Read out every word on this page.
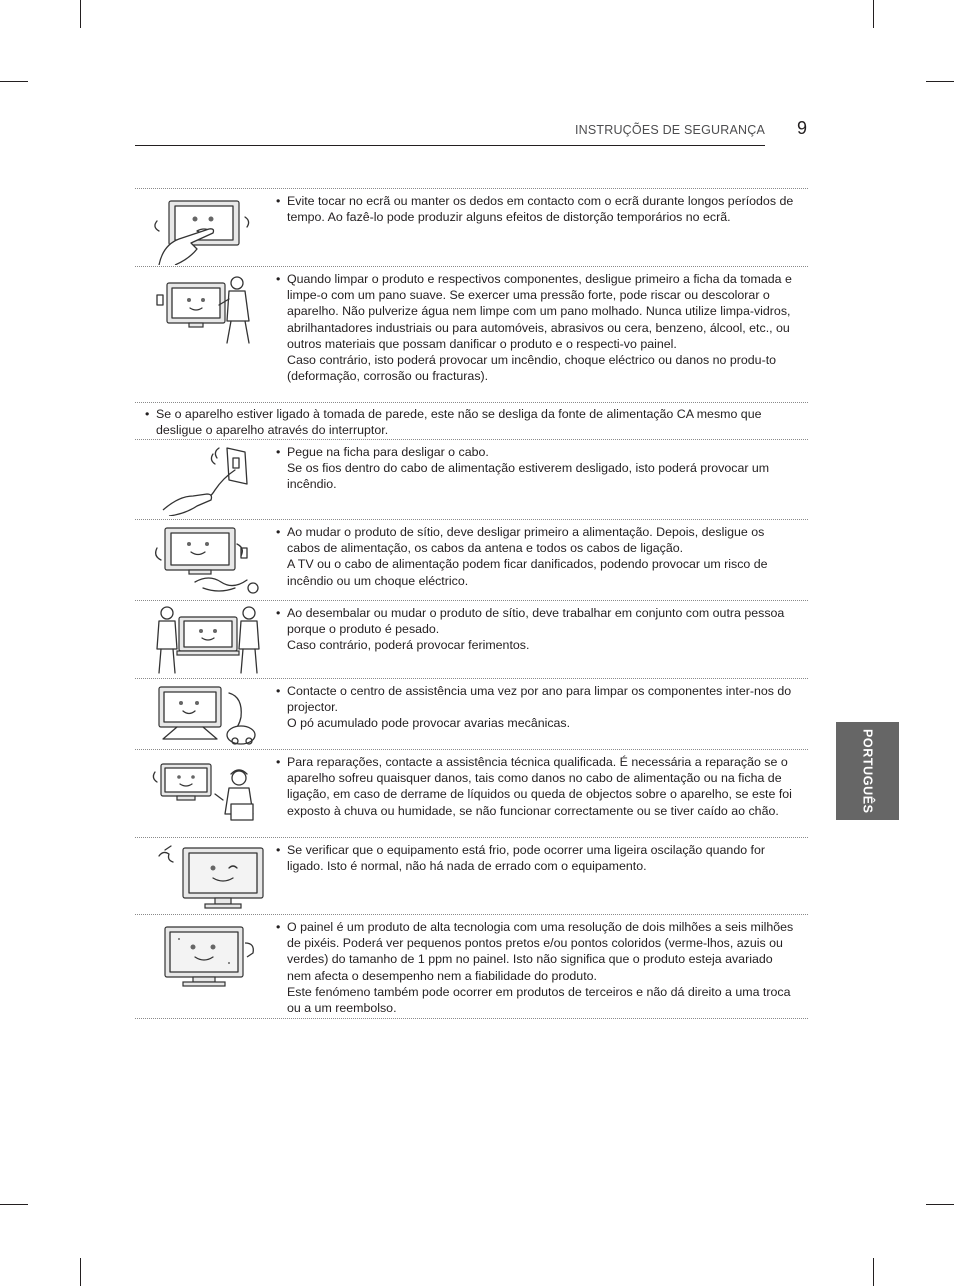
INSTRUÇÕES DE SEGURANÇA 9
PORTUGUÊS

• Evite tocar no ecrã ou manter os dedos em contacto com o ecrã durante longos períodos de tempo. Ao fazê-lo pode produzir alguns efeitos de distorção temporários no ecrã.

• Quando limpar o produto e respectivos componentes, desligue primeiro a ficha da tomada e limpe-o com um pano suave. Se exercer uma pressão forte, pode riscar ou descolorar o aparelho. Não pulverize água nem limpe com um pano molhado. Nunca utilize limpa-vidros, abrilhantadores industriais ou para automóveis, abrasivos ou cera, benzeno, álcool, etc., ou outros materiais que possam danificar o produto e o respecti-vo painel.

Caso contrário, isto poderá provocar um incêndio, choque eléctrico ou danos no produ-to (deformação, corrosão ou fracturas).

• Se o aparelho estiver ligado à tomada de parede, este não se desliga da fonte de alimentação CA mesmo que desligue o aparelho através do interruptor.

• Pegue na ficha para desligar o cabo.

Se os fios dentro do cabo de alimentação estiverem desligado, isto poderá provocar um incêndio.

• Ao mudar o produto de sítio, deve desligar primeiro a alimentação. Depois, desligue os cabos de alimentação, os cabos da antena e todos os cabos de ligação.

A TV ou o cabo de alimentação podem ficar danificados, podendo provocar um risco de incêndio ou um choque eléctrico.

• Ao desembalar ou mudar o produto de sítio, deve trabalhar em conjunto com outra pessoa porque o produto é pesado.

Caso contrário, poderá provocar ferimentos.

• Contacte o centro de assistência uma vez por ano para limpar os componentes inter-nos do projector.

O pó acumulado pode provocar avarias mecânicas.

• Para reparações, contacte a assistência técnica qualificada. É necessária a reparação se o aparelho sofreu quaisquer danos, tais como danos no cabo de alimentação ou na ficha de ligação, em caso de derrame de líquidos ou queda de objectos sobre o aparelho, se este foi exposto à chuva ou humidade, se não funcionar correctamente ou se tiver caído ao chão.

• Se verificar que o equipamento está frio, pode ocorrer uma ligeira oscilação quando for ligado. Isto é normal, não há nada de errado com o equipamento.

• O painel é um produto de alta tecnologia com uma resolução de dois milhões a seis milhões de pixéis. Poderá ver pequenos pontos pretos e/ou pontos coloridos (verme-lhos, azuis ou verdes) do tamanho de 1 ppm no painel. Isto não significa que o produto esteja avariado nem afecta o desempenho nem a fiabilidade do produto.

Este fenómeno também pode ocorrer em produtos de terceiros e não dá direito a uma troca ou a um reembolso.
